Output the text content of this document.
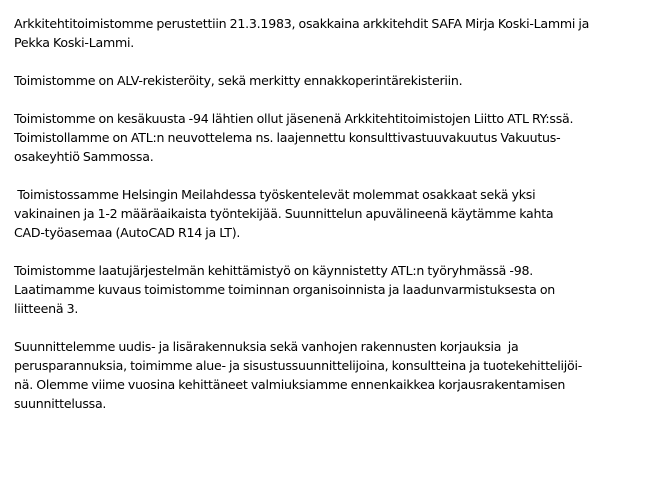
Arkkitehtitoimistomme perustettiin 21.3.1983, osakkaina arkkitehdit SAFA Mirja Koski-Lammi ja
Pekka Koski-Lammi.

Toimistomme on ALV-rekisteröity, sekä merkitty ennakkoperintärekisteriin.

Toimistomme on kesäkuusta -94 lähtien ollut jäsenenä Arkkitehtitoimistojen Liitto ATL RY:ssä.
Toimistollamme on ATL:n neuvottelema ns. laajennettu konsulttivastuuvakuutus Vakuutus-
osakeyhtiö Sammossa.

Toimistossamme Helsingin Meilahdessa työskentelevät molemmat osakkaat sekä yksi
vakinainen ja 1-2 määräaikaista työntekijää. Suunnittelun apuvälineenä käytämme kahta
CAD-työasemaa (AutoCAD R14 ja LT).

Toimistomme laatujärjestelmän kehittämistyö on käynnistetty ATL:n työryhmässä -98.
Laatimamme kuvaus toimistomme toiminnan organisoinnista ja laadunvarmistuksesta on
liitteenä 3.

Suunnittelemme uudis- ja lisärakennuksia sekä vanhojen rakennusten korjauksia  ja
perusparannuksia, toimimme alue- ja sisustussuunnittelijoina, konsultteina ja tuotekehittelijöi-
nä. Olemme viime vuosina kehittäneet valmiuksiamme ennenkaikkea korjausrakentamisen
suunnittelussa.
